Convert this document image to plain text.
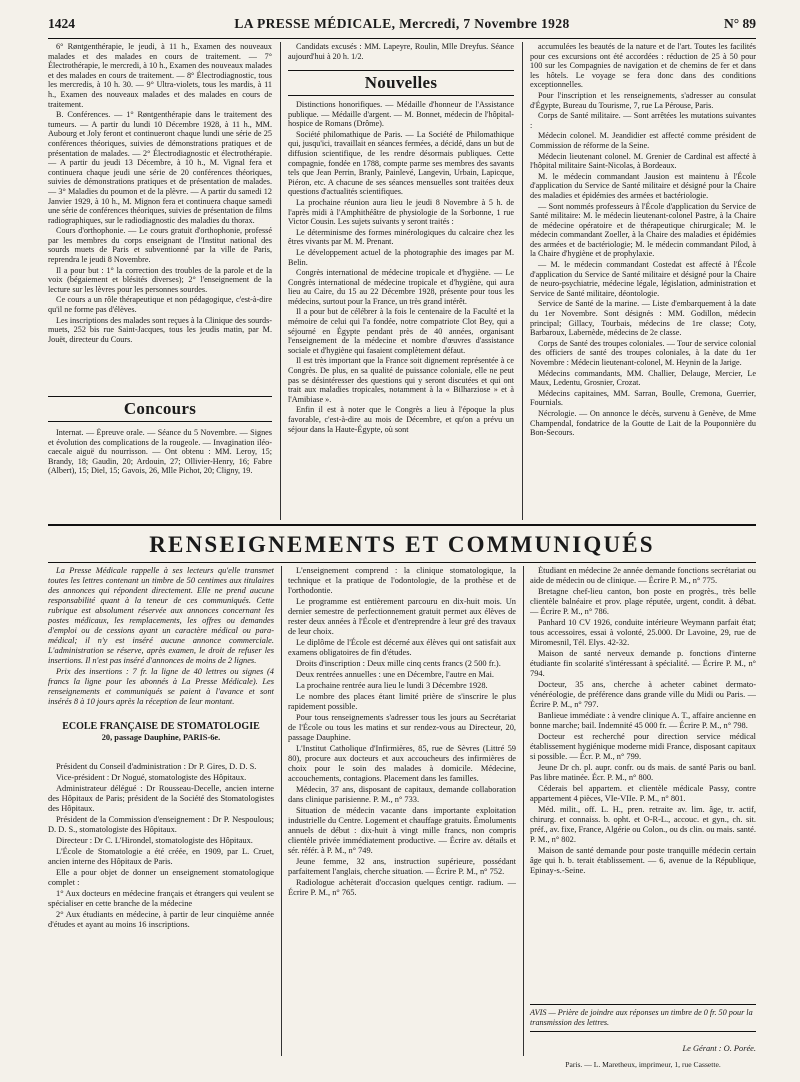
1424	LA PRESSE MÉDICALE, Mercredi, 7 Novembre 1928	N° 89

6° Røntgenthérapie, le jeudi, à 11 h., Examen des nouveaux malades et des malades en cours de traitement. — 7° Électrothérapie, le mercredi, à 10 h., Examen des nouveaux malades et des malades en cours de traitement. — 8° Électrodiagnostic, tous les mercredis, à 10 h. 30. — 9° Ultra-violets, tous les mardis, à 11 h., Examen des nouveaux malades et des malades en cours de traitement.

B. Conférences. — 1° Røntgenthérapie dans le traitement des tumeurs. — A partir du lundi 10 Décembre 1928, à 11 h., MM. Aubourg et Joly feront et continueront chaque lundi une série de 25 conférences théoriques, suivies de démonstrations pratiques et de présentation de malades. — 2° Électrodiagnostic et électrothérapie. — A partir du jeudi 13 Décembre, à 10 h., M. Vignal fera et continuera chaque jeudi une série de 20 conférences théoriques, suivies de démonstrations pratiques et de présentation de malades. — 3° Maladies du poumon et de la plèvre. — A partir du samedi 12 Janvier 1929, à 10 h., M. Mignon fera et continuera chaque samedi une série de conférences théoriques, suivies de présentation de films radiographiques, sur le radiodiagnostic des maladies du thorax.

Cours d'orthophonie. — Le cours gratuit d'orthophonie, professé par les membres du corps enseignant de l'Institut national des sourds muets de Paris et subventionné par la ville de Paris, reprendra le jeudi 8 Novembre.

Il a pour but : 1° la correction des troubles de la parole et de la voix (bégaiement et blésités diverses); 2° l'enseignement de la lecture sur les lèvres pour les personnes sourdes.

Ce cours a un rôle thérapeutique et non pédagogique, c'est-à-dire qu'il ne forme pas d'élèves.

Les inscriptions des malades sont reçues à la Clinique des sourds-muets, 252 bis rue Saint-Jacques, tous les jeudis matin, par M. Jouët, directeur du Cours.

Concours

Internat. — Épreuve orale. — Séance du 5 Novembre. — Signes et évolution des complications de la rougeole. — Invagination iléo-caecale aiguë du nourrisson. — Ont obtenu : MM. Leroy, 15; Brandy, 18; Gaudin, 20; Ardouin, 27; Ollivier-Henry, 16; Fabre (Albert), 15; Diel, 15; Gavois, 26, Mlle Pichot, 20; Cligny, 19.

Candidats excusés : MM. Lapeyre, Roulin, Mlle Dreyfus. Séance aujourd'hui à 20 h. 1/2.

Nouvelles

Distinctions honorifiques. — Médaille d'honneur de l'Assistance publique. — Médaille d'argent. — M. Bonnet, médecin de l'hôpital-hospice de Romans (Drôme).

Société philomathique de Paris. — La Société de Philomathique qui, jusqu'ici, travaillait en séances fermées, a décidé, dans un but de diffusion scientifique, de les rendre désormais publiques. Cette compagnie, fondée en 1788, compte parme ses membres des savants tels que Jean Perrin, Branly, Painlevé, Langevin, Urbain, Lapicque, Piéron, etc. A chacune de ses séances mensuelles sont traitées deux questions d'actualités scientifiques.

La prochaine réunion aura lieu le jeudi 8 Novembre à 5 h. de l'après midi à l'Amphithéâtre de physiologie de la Sorbonne, 1 rue Victor Cousin. Les sujets suivants y seront traités :

Le déterminisme des formes minérologiques du calcaire chez les êtres vivants par M. M. Prenant.

Le développement actuel de la photographie des images par M. Belin.

Congrès international de médecine tropicale et d'hygiène. — Le Congrès international de médecine tropicale et d'hygiène, qui aura lieu au Caire, du 15 au 22 Décembre 1928, présente pour tous les médecins, surtout pour la France, un très grand intérêt.

Il a pour but de célébrer à la fois le centenaire de la Faculté et la mémoire de celui qui l'a fondée, notre compatriote Clot Bey, qui a séjourné en Égypte pendant près de 40 années, organisant l'enseignement de la médecine et nombre d'œuvres d'assistance sociale et d'hygiène qui fasaient complètement défaut.

Il est très important que la France soit dignement représentée à ce Congrès. De plus, en sa qualité de puissance coloniale, elle ne peut pas se désintéresser des questions qui y seront discutées et qui ont trait aux maladies tropicales, notamment à la « Bilharziose » et à l'Amibiase ».

Enfin il est à noter que le Congrès a lieu à l'époque la plus favorable, c'est-à-dire au mois de Décembre, et qu'on a prévu un séjour dans la Haute-Égypte, où sont

accumulées les beautés de la nature et de l'art. Toutes les facilités pour ces excursions ont été accordées : réduction de 25 à 50 pour 100 sur les Compagnies de navigation et de chemins de fer et dans les hôtels. Le voyage se fera donc dans des conditions exceptionnelles.

Pour l'inscription et les renseignements, s'adresser au consulat d'Égypte, Bureau du Tourisme, 7, rue La Pérouse, Paris.

Corps de Santé militaire. — Sont arrêtées les mutations suivantes :

Médecin colonel. M. Jeandidier est affecté comme président de Commission de réforme de la Seine.

Médecin lieutenant colonel. M. Grenier de Cardinal est affecté à l'hôpital militaire Saint-Nicolas, à Bordeaux.

M. le médecin commandant Jausion est maintenu à l'École d'application du Service de Santé militaire et désigné pour la Chaire des maladies et épidémies des armées et bactériologie.

— Sont nommés professeurs à l'École d'application du Service de Santé militaire: M. le médecin lieutenant-colonel Pastre, à la Chaire de médecine opératoire et de thérapeutique chirurgicale; M. le médecin commandant Zoeller, à la Chaire des maladies et épidémies des armées et de bactériologie; M. le médecin commandant Pilod, à la Chaire d'hygiène et de prophylaxie.

— M. le médecin commandant Costedat est affecté à l'École d'application du Service de Santé militaire et désigné pour la Chaire de neuro-psychiatrie, médecine légale, législation, administration et Service de Santé militaire, déontologie.

Service de Santé de la marine. — Liste d'embarquement à la date du 1er Novembre. Sont désignés : MM. Godillon, médecin principal; Gillacy, Tourbais, médecins de 1re classe; Coty, Barbaroux, Labernède, médecins de 2e classe.

Corps de Santé des troupes coloniales. — Tour de service colonial des officiers de santé des troupes coloniales, à la date du 1er Novembre : Médecin lieutenant-colonel, M. Heynin de la Jarige.

Médecins commandants, MM. Challier, Delauge, Mercier, Le Maux, Ledentu, Grosnier, Crozat.

Médecins capitaines, MM. Sarran, Boulle, Cremona, Guerrier, Fournials.

Nécrologie. — On annonce le décès, survenu à Genève, de Mme Champendal, fondatrice de la Goutte de Lait de la Pouponnière du Bon-Secours.

RENSEIGNEMENTS ET COMMUNIQUÉS

La Presse Médicale rappelle à ses lecteurs qu'elle transmet toutes les lettres contenant un timbre de 50 centimes aux titulaires des annonces qui répondent directement. Elle ne prend aucune responsabilité quant à la teneur de ces communiqués. Cette rubrique est absolument réservée aux annonces concernant les postes médicaux, les remplacements, les offres ou demandes d'emploi ou de cessions ayant un caractère médical ou para-médical; il n'y est inséré aucune annonce commerciale. L'administration se réserve, après examen, le droit de refuser les insertions. Il n'est pas inséré d'annonces de moins de 2 lignes.

Prix des insertions : 7 fr. la ligne de 40 lettres ou signes (4 francs la ligne pour les abonnés à La Presse Médicale). Les renseignements et communiqués se paient à l'avance et sont insérés 8 à 10 jours après la réception de leur montant.

ÉCOLE FRANÇAISE DE STOMATOLOGIE

20, passage Dauphine, PARIS-6e.

Président du Conseil d'administration : Dr P. Gires, D. D. S.

Vice-président : Dr Nogué, stomatologiste des Hôpitaux.

Administrateur délégué : Dr Rousseau-Decelle, ancien interne des Hôpitaux de Paris; président de la Société des Stomatologistes des Hôpitaux.

Président de la Commission d'enseignement : Dr P. Nespoulous; D. D. S., stomatologiste des Hôpitaux.

Directeur : Dr C. L'Hirondel, stomatologiste des Hôpitaux.

L'École de Stomatologie a été créée, en 1909, par L. Cruet, ancien interne des Hôpitaux de Paris.

Elle a pour objet de donner un enseignement stomatologique complet :

1° Aux docteurs en médecine français et étrangers qui veulent se spécialiser en cette branche de la médecine

2° Aux étudiants en médecine, à partir de leur cinquième année d'études et ayant au moins 16 inscriptions.

L'enseignement comprend : la clinique stomatologique, la technique et la pratique de l'odontologie, de la prothèse et de l'orthodontie.

Le programme est entièrement parcouru en dix-huit mois. Un dernier semestre de perfectionnement gratuit permet aux élèves de rester deux années à l'École et d'entreprendre à leur gré des travaux de leur choix.

Le diplôme de l'École est décerné aux élèves qui ont satisfait aux examens obligatoires de fin d'études.

Droits d'inscription : Deux mille cinq cents francs (2 500 fr.).

Deux rentrées annuelles : une en Décembre, l'autre en Mai.

La prochaine rentrée aura lieu le lundi 3 Décembre 1928.

Le nombre des places étant limité prière de s'inscrire le plus rapidement possible.

Pour tous renseignements s'adresser tous les jours au Secrétariat de l'École ou tous les matins et sur rendez-vous au Directeur, 20, passage Dauphine.

L'Institut Catholique d'Infirmières, 85, rue de Sèvres (Littré 59 80), procure aux docteurs et aux accoucheurs des infirmières de choix pour le soin des malades à domicile. Médecine, accouchements, contagions. Placement dans les familles.

Médecin, 37 ans, disposant de capitaux, demande collaboration dans clinique parisienne. P. M., n° 733.

Situation de médecin vacante dans importante exploitation industrielle du Centre. Logement et chauffage gratuits. Émoluments annuels de début : dix-huit à vingt mille francs, non compris clientèle privée immédiatement productive. — Écrire av. détails et sér. référ. à P. M., n° 749.

Jeune femme, 32 ans, instruction supérieure, possédant parfaitement l'anglais, cherche situation. — Écrire P. M., n° 752.

Radiologue achèterait d'occasion quelques centigr. radium. — Écrire P. M., n° 765.

Étudiant en médecine 2e année demande fonctions secrétariat ou aide de médecin ou de clinique. — Écrire P. M., n° 775.

Bretagne chef-lieu canton, bon poste en progrès., très belle clientèle balnéaire et prov. plage réputée, urgent, condit. à débat. — Écrire P. M., n° 786.

Panhard 10 CV 1926, conduite intérieure Weymann parfait état; tous accessoires, essai à volonté, 25.000. Dr Lavoine, 29, rue de Miromesnil, Tél. Elys. 42-32.

Maison de santé nerveux demande p. fonctions d'interne étudiante fin scolarité s'intéressant à spécialité. — Écrire P. M., n° 794.

Docteur, 35 ans, cherche à acheter cabinet dermato-vénéréologie, de préférence dans grande ville du Midi ou Paris. — Écrire P. M., n° 797.

Banlieue immédiate : à vendre clinique A. T., affaire ancienne en bonne marche; bail. Indemnité 45 000 fr. — Écrire P. M., n° 798.

Docteur est recherché pour direction service médical établissement hygiénique moderne midi France, disposant capitaux si possible. — Écr. P. M., n° 799.

Jeune Dr ch. pl. aupr. confr. ou ds mais. de santé Paris ou banl. Pas libre matinée. Écr. P. M., n° 800.

Céderais bel appartem. et clientèle médicale Passy, contre appartement 4 pièces, VIe-VIIe. P. M., n° 801.

Méd. milit., off. L. H., pren. retraite av. lim. âge, tr. actif, chirurg. et connaiss. b. opht. et O-R-L., accouc. et gyn., ch. sit. préf., av. fixe, France, Algérie ou Colon., ou ds clin. ou mais. santé. P. M., n° 802.

Maison de santé demande pour poste tranquille médecin certain âge qui h. b. terait établissement. — 6, avenue de la République, Epinay-s.-Seine.

AVIS — Prière de joindre aux réponses un timbre de 0 fr. 50 pour la transmission des lettres.
Le Gérant : O. Porée.
Paris. — L. Maretheux, imprimeur, 1, rue Cassette.
